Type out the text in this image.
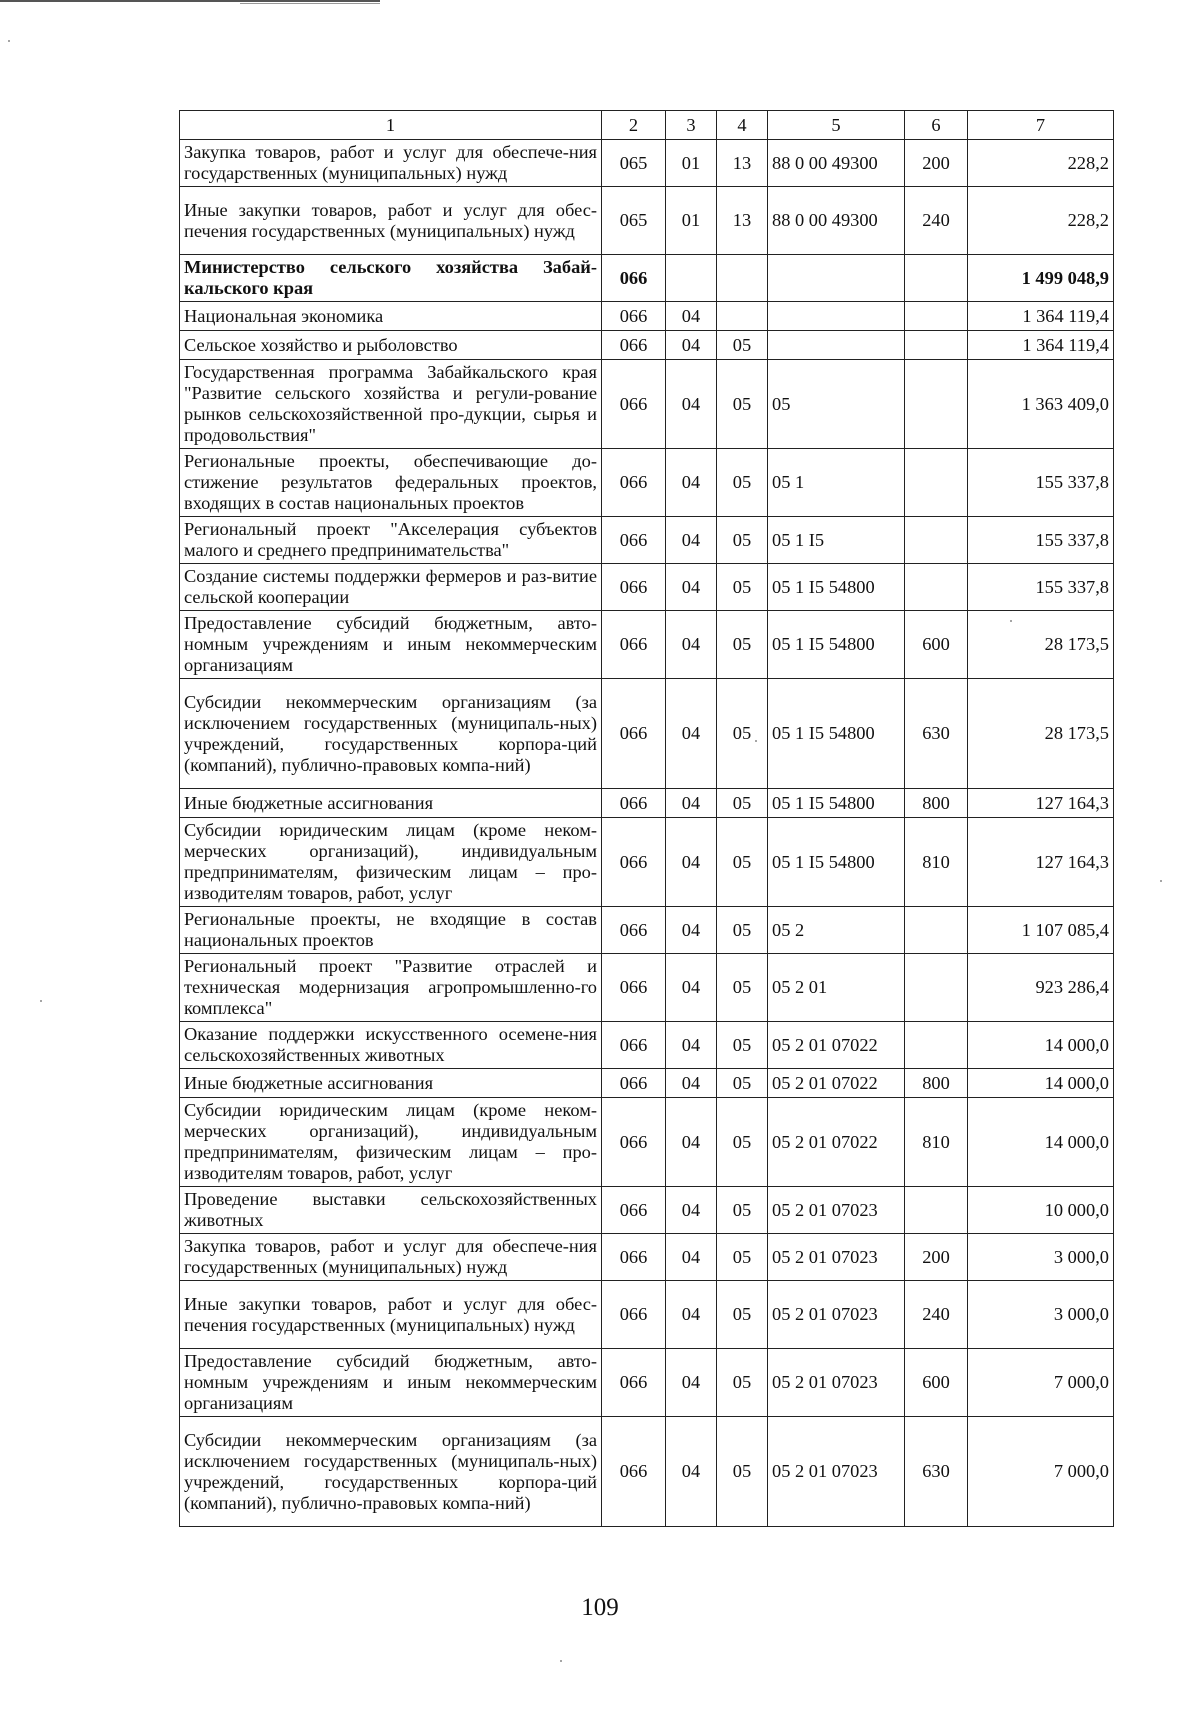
1	2	3	4	5	6	7
Закупка товаров, работ и услуг для обеспече-ния государственных (муниципальных) нужд	065	01	13	88 0 00 49300	200	228,2
Иные закупки товаров, работ и услуг для обес-печения государственных (муниципальных) нужд	065	01	13	88 0 00 49300	240	228,2
Министерство сельского хозяйства Забай-кальского края	066					1 499 048,9
Национальная экономика	066	04				1 364 119,4
Сельское хозяйство и рыболовство	066	04	05			1 364 119,4
Государственная программа Забайкальского края "Развитие сельского хозяйства и регули-рование рынков сельскохозяйственной про-дукции, сырья и продовольствия"	066	04	05	05		1 363 409,0
Региональные проекты, обеспечивающие до-стижение результатов федеральных проектов, входящих в состав национальных проектов	066	04	05	05 1		155 337,8
Региональный проект "Акселерация субъектов малого и среднего предпринимательства"	066	04	05	05 1 I5		155 337,8
Создание системы поддержки фермеров и раз-витие сельской кооперации	066	04	05	05 1 I5 54800		155 337,8
Предоставление субсидий бюджетным, авто-номным учреждениям и иным некоммерческим организациям	066	04	05	05 1 I5 54800	600	28 173,5
Субсидии некоммерческим организациям (за исключением государственных (муниципаль-ных) учреждений, государственных корпора-ций (компаний), публично-правовых компа-ний)	066	04	05	05 1 I5 54800	630	28 173,5
Иные бюджетные ассигнования	066	04	05	05 1 I5 54800	800	127 164,3
Субсидии юридическим лицам (кроме неком-мерческих организаций), индивидуальным предпринимателям, физическим лицам – про-изводителям товаров, работ, услуг	066	04	05	05 1 I5 54800	810	127 164,3
Региональные проекты, не входящие в состав национальных проектов	066	04	05	05 2		1 107 085,4
Региональный проект "Развитие отраслей и техническая модернизация агропромышленно-го комплекса"	066	04	05	05 2 01		923 286,4
Оказание поддержки искусственного осемене-ния сельскохозяйственных животных	066	04	05	05 2 01 07022		14 000,0
Иные бюджетные ассигнования	066	04	05	05 2 01 07022	800	14 000,0
Субсидии юридическим лицам (кроме неком-мерческих организаций), индивидуальным предпринимателям, физическим лицам – про-изводителям товаров, работ, услуг	066	04	05	05 2 01 07022	810	14 000,0
Проведение выставки сельскохозяйственных животных	066	04	05	05 2 01 07023		10 000,0
Закупка товаров, работ и услуг для обеспече-ния государственных (муниципальных) нужд	066	04	05	05 2 01 07023	200	3 000,0
Иные закупки товаров, работ и услуг для обес-печения государственных (муниципальных) нужд	066	04	05	05 2 01 07023	240	3 000,0
Предоставление субсидий бюджетным, авто-номным учреждениям и иным некоммерческим организациям	066	04	05	05 2 01 07023	600	7 000,0
Субсидии некоммерческим организациям (за исключением государственных (муниципаль-ных) учреждений, государственных корпора-ций (компаний), публично-правовых компа-ний)	066	04	05	05 2 01 07023	630	7 000,0
109
